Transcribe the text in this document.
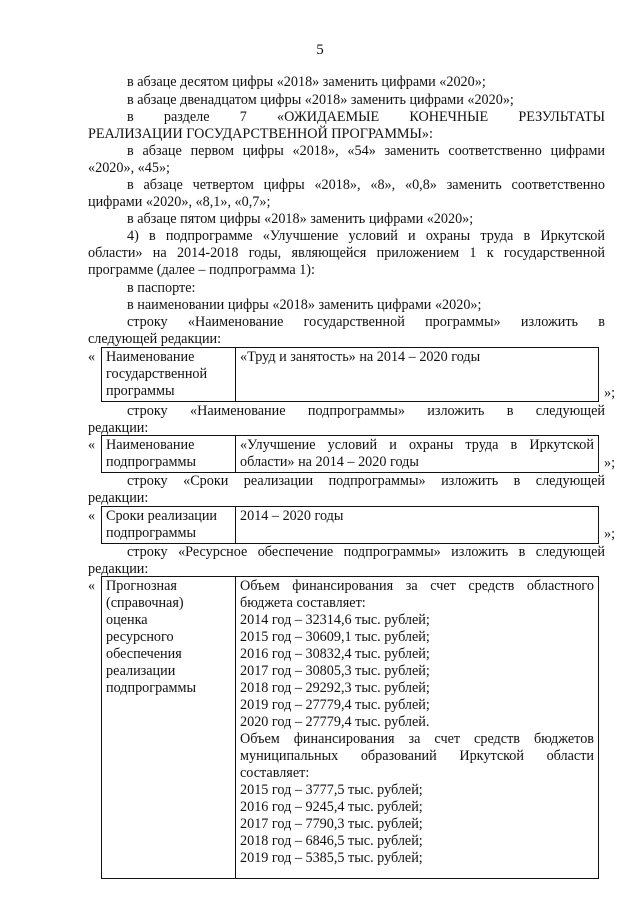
5
в абзаце десятом цифры «2018» заменить цифрами «2020»;
в абзаце двенадцатом цифры «2018» заменить цифрами «2020»;
в разделе 7 «ОЖИДАЕМЫЕ КОНЕЧНЫЕ РЕЗУЛЬТАТЫ
РЕАЛИЗАЦИИ ГОСУДАРСТВЕННОЙ ПРОГРАММЫ»:
в абзаце первом цифры «2018», «54» заменить соответственно цифрами
«2020», «45»;
в абзаце четвертом цифры «2018», «8», «0,8» заменить соответственно
цифрами «2020», «8,1», «0,7»;
в абзаце пятом цифры «2018» заменить цифрами «2020»;
4) в подпрограмме «Улучшение условий и охраны труда в Иркутской
области» на 2014-2018 годы, являющейся приложением 1 к государственной
программе (далее – подпрограмма 1):
в паспорте:
в наименовании цифры «2018» заменить цифрами «2020»;
строку «Наименование государственной программы» изложить в
следующей редакции:
« Наименование
государственной
программы

«Труд и занятость» на 2014 – 2020 годы
»;
строку «Наименование подпрограммы» изложить в следующей
редакции:
« Наименование
подпрограммы

«Улучшение условий и охраны труда в Иркутской
области» на 2014 – 2020 годы	»;
строку «Сроки реализации подпрограммы» изложить в следующей
редакции:
« Сроки реализации
подпрограммы

2014 – 2020 годы
»;
строку «Ресурсное обеспечение подпрограммы» изложить в следующей
редакции:
« Прогнозная
(справочная)
оценка
ресурсного
обеспечения
реализации
подпрограммы

Объем финансирования за счет средств областного
бюджета составляет:
2014 год – 32314,6 тыс. рублей;
2015 год – 30609,1 тыс. рублей;
2016 год – 30832,4 тыс. рублей;
2017 год – 30805,3 тыс. рублей;
2018 год – 29292,3 тыс. рублей;
2019 год – 27779,4 тыс. рублей;
2020 год – 27779,4 тыс. рублей.
Объем финансирования за счет средств бюджетов
муниципальных образований Иркутской области
составляет:
2015 год – 3777,5 тыс. рублей;
2016 год – 9245,4 тыс. рублей;
2017 год – 7790,3 тыс. рублей;
2018 год – 6846,5 тыс. рублей;
2019 год – 5385,5 тыс. рублей;
